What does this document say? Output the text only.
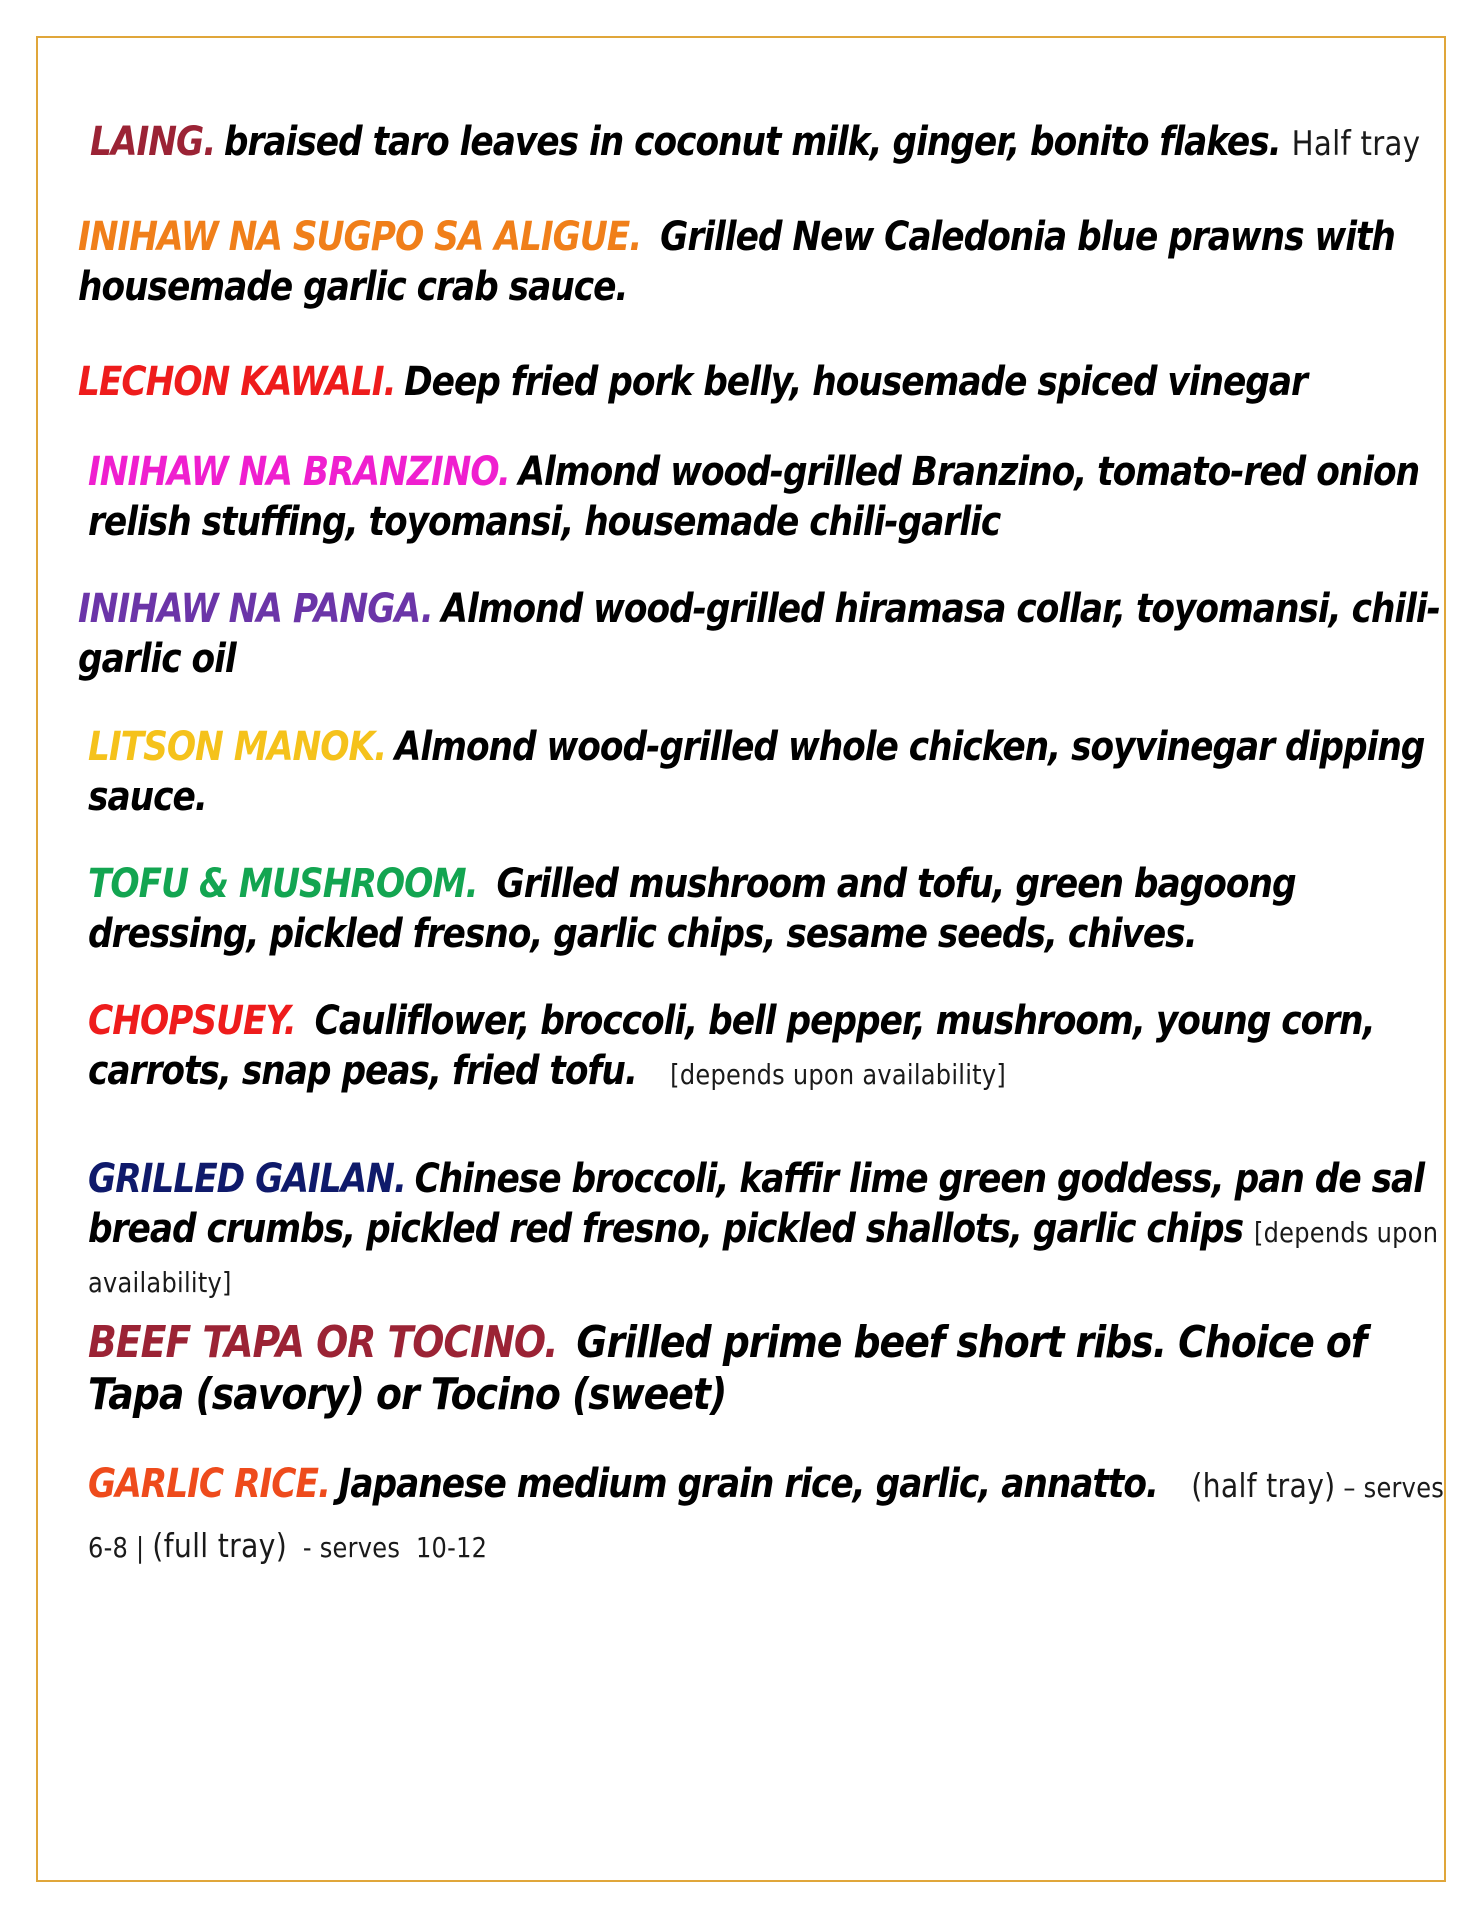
LAING. braised taro leaves in coconut milk, ginger, bonito flakes. Half tray
INIHAW NA SUGPO SA ALIGUE. Grilled New Caledonia blue prawns with housemade garlic crab sauce.
LECHON KAWALI. Deep fried pork belly, housemade spiced vinegar
INIHAW NA BRANZINO. Almond wood-grilled Branzino, tomato-red onion relish stuffing, toyomansi, housemade chili-garlic
INIHAW NA PANGA. Almond wood-grilled hiramasa collar, toyomansi, chili-garlic oil
LITSON MANOK. Almond wood-grilled whole chicken, soyvinegar dipping sauce.
TOFU & MUSHROOM. Grilled mushroom and tofu, green bagoong dressing, pickled fresno, garlic chips, sesame seeds, chives.
CHOPSUEY. Cauliflower, broccoli, bell pepper, mushroom, young corn, carrots, snap peas, fried tofu. [depends upon availability]
GRILLED GAILAN. Chinese broccoli, kaffir lime green goddess, pan de sal bread crumbs, pickled red fresno, pickled shallots, garlic chips [depends upon availability]
BEEF TAPA OR TOCINO. Grilled prime beef short ribs. Choice of Tapa (savory) or Tocino (sweet)
GARLIC RICE. Japanese medium grain rice, garlic, annatto. (half tray) – serves 6-8 | (full tray)  - serves  10-12
